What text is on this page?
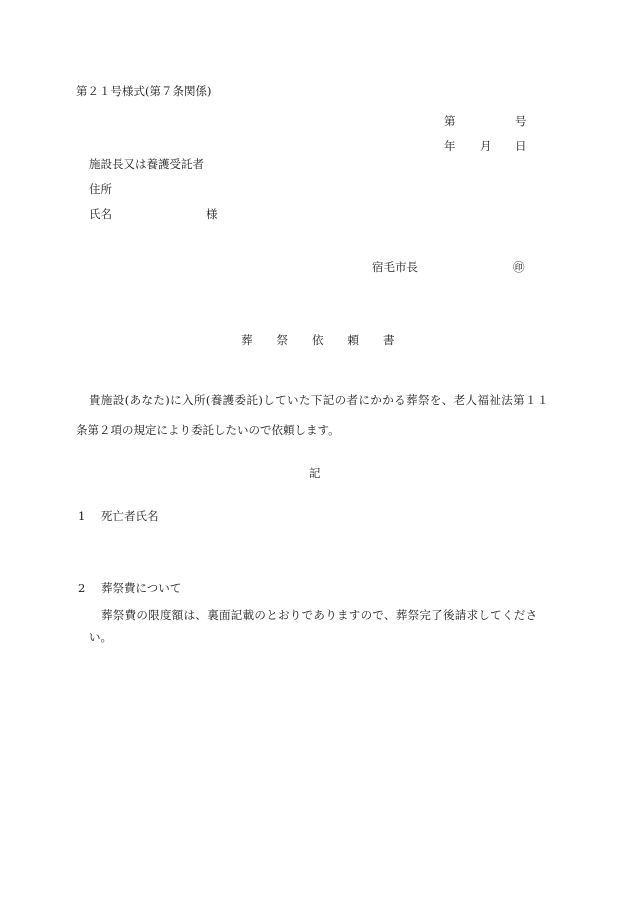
第２１号様式(第７条関係)
第	号
年 月 日
施設長又は養護受託者
住所
氏名	様
宿毛市長	㊞
葬 祭 依 頼 書
貴施設(あなた)に入所(養護委託)していた下記の者にかかる葬祭を、老人福祉法第１１
条第２項の規定により委託したいので依頼します。
記
1 死亡者氏名
2 葬祭費について
葬祭費の限度額は、裏面記載のとおりでありますので、葬祭完了後請求してくださ
い。
